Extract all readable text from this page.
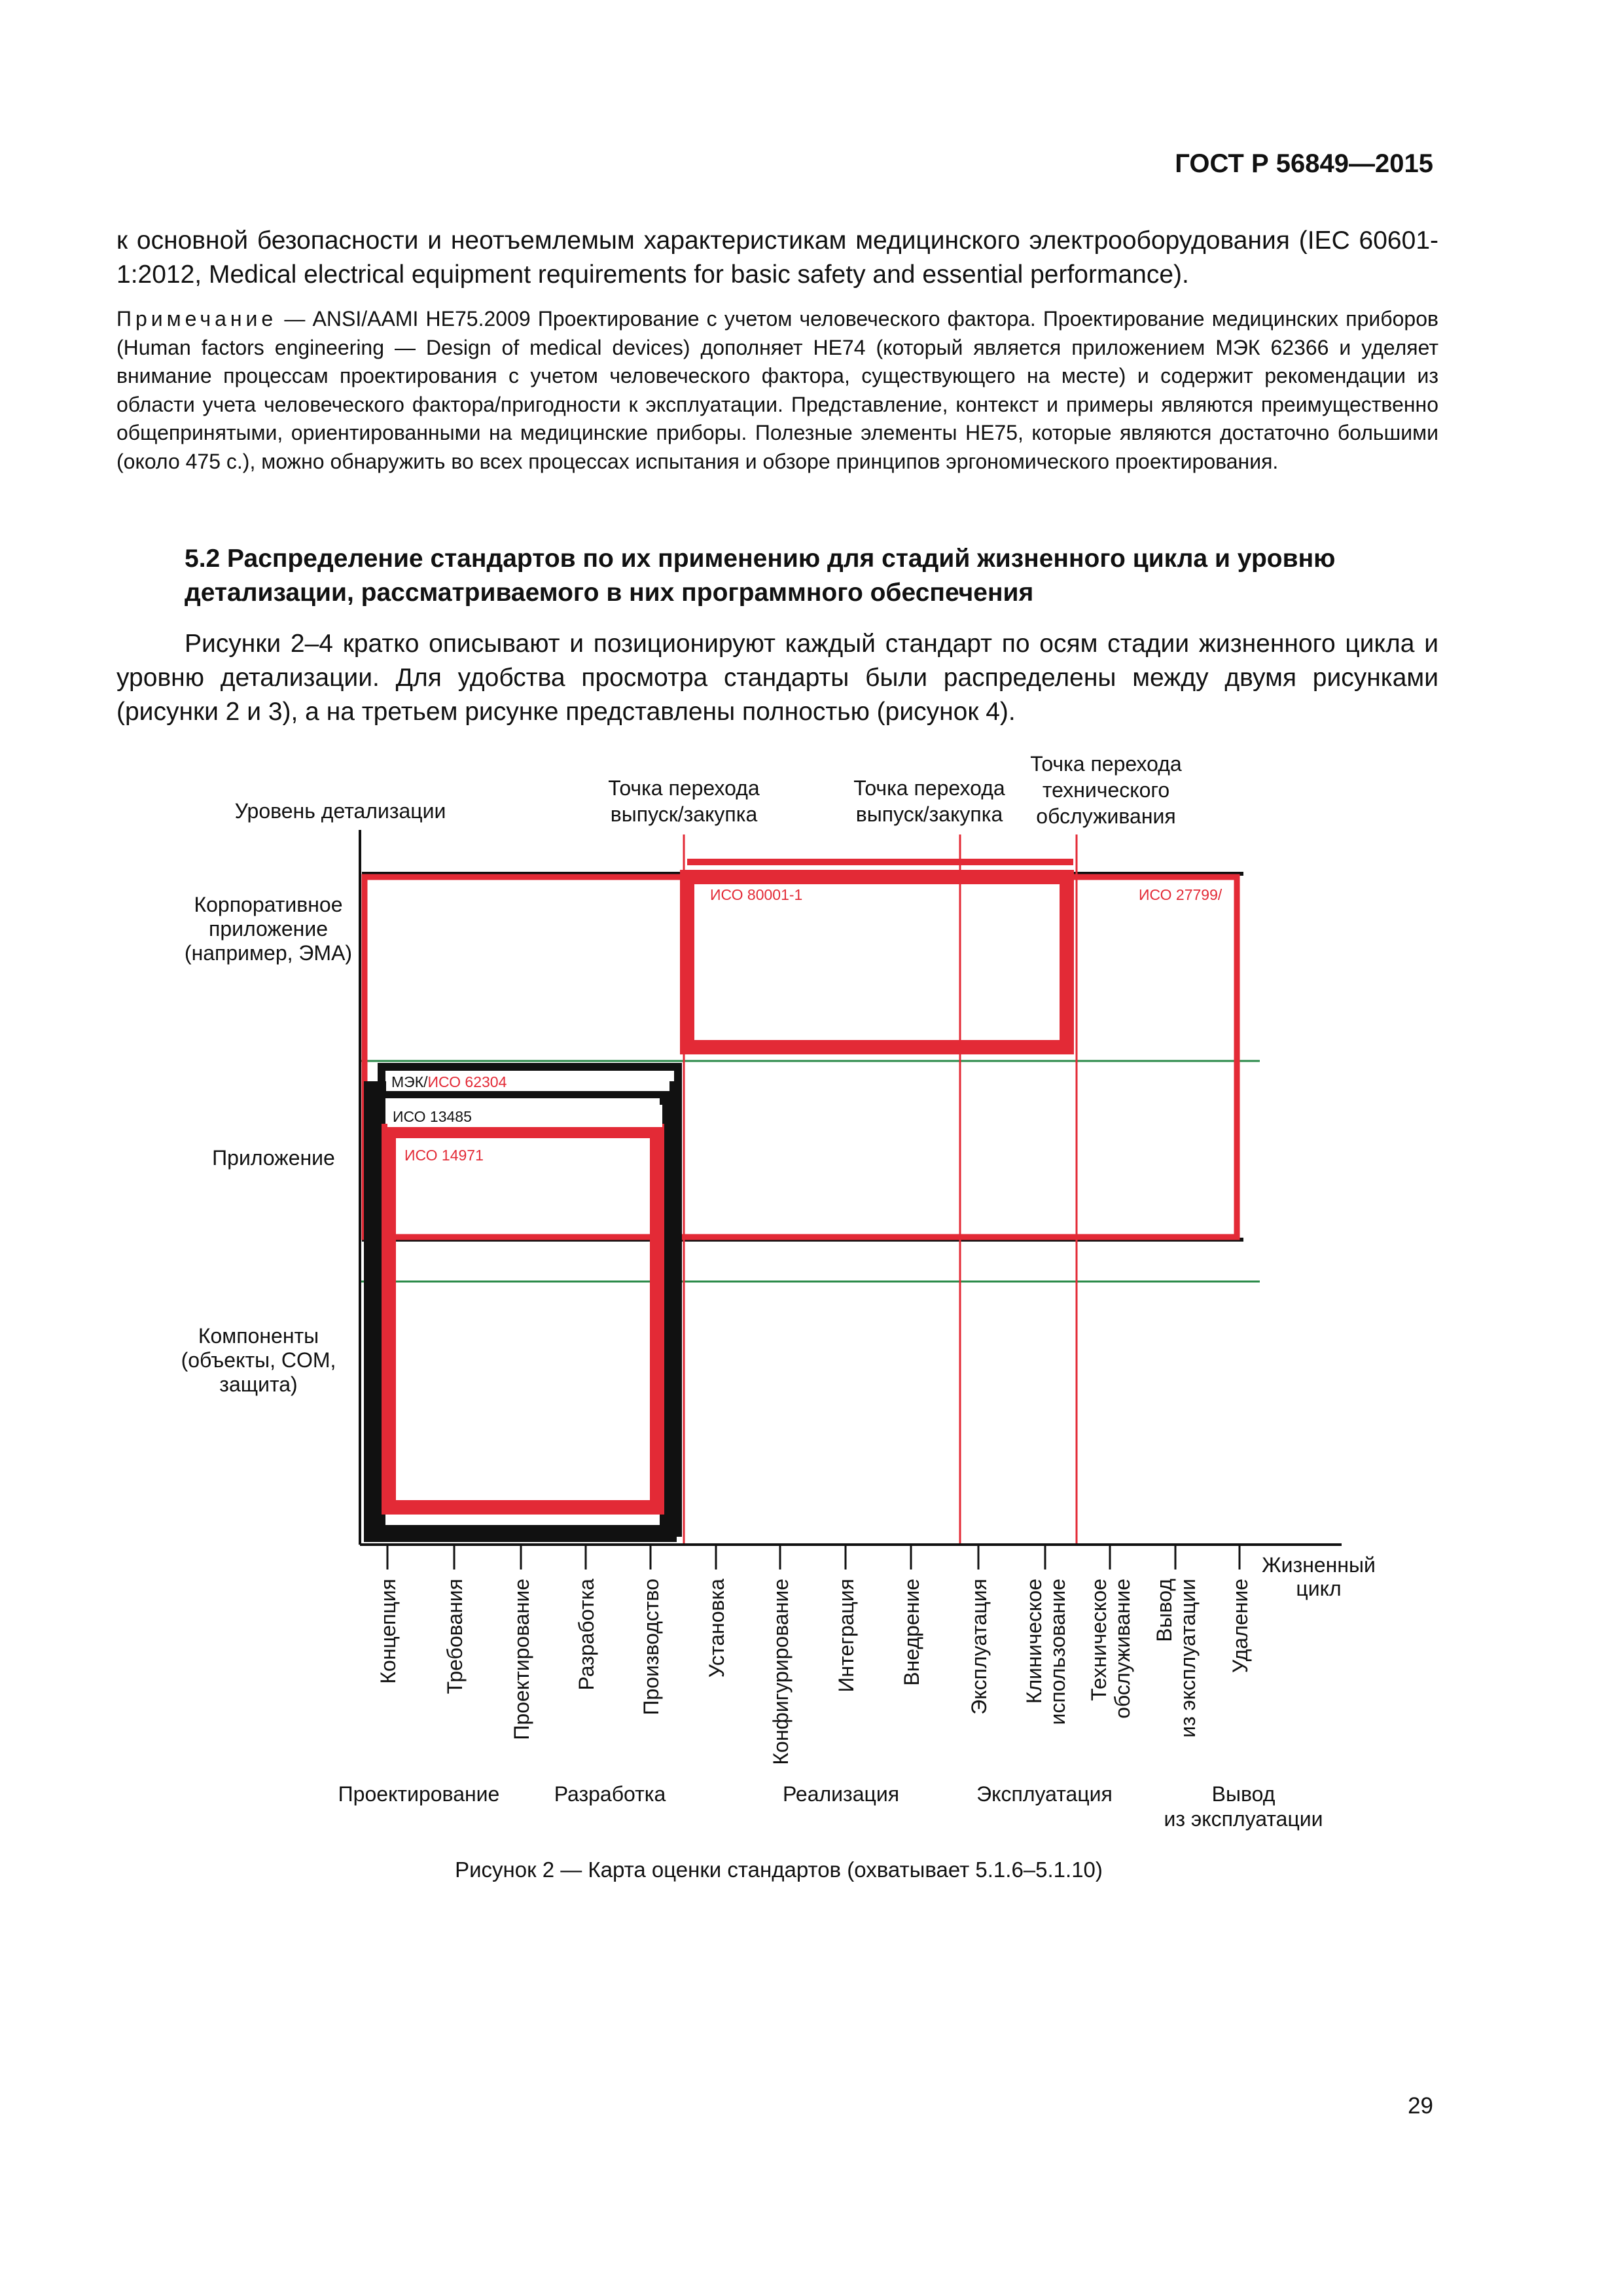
ГОСТ Р 56849—2015

к основной безопасности и неотъемлемым характеристикам медицинского электрооборудования (IEC 60601-1:2012, Medical electrical equipment requirements for basic safety and essential performance).

Примечание — ANSI/AAMI HE75.2009 Проектирование с учетом человеческого фактора. Проектирование медицинских приборов (Human factors engineering — Design of medical devices) дополняет HE74 (который является приложением МЭК 62366 и уделяет внимание процессам проектирования с учетом человеческого фактора, существующего на месте) и содержит рекомендации из области учета человеческого фактора/пригодности к эксплуатации. Представление, контекст и примеры являются преимущественно общепринятыми, ориентированными на медицинские приборы. Полезные элементы HE75, которые являются достаточно большими (около 475 с.), можно обнаружить во всех процессах испытания и обзоре принципов эргономического проектирования.

5.2 Распределение стандартов по их применению для стадий жизненного цикла и уровню детализации, рассматриваемого в них программного обеспечения

Рисунки 2–4 кратко описывают и позиционируют каждый стандарт по осям стадии жизненного цикла и уровню детализации. Для удобства просмотра стандарты были распределены между двумя рисунками (рисунки 2 и 3), а на третьем рисунке представлены полностью (рисунок 4).

Уровень детализации
Точка перехода выпуск/закупка
Точка перехода выпуск/закупка
Точка перехода технического обслуживания
Корпоративное приложение (например, ЭМА)
Приложение
Компоненты (объекты, COM, защита)
Жизненный цикл
ИСО 80001-1	ИСО 27799/
МЭК/ИСО 62304
ИСО 13485
ИСО 14971
Концепция Требования Проектирование Разработка Производство Установка Конфигурирование Интеграция Внедрение Эксплуатация Клиническоеиспользование Техническоеобслуживание Выводиз эксплуатации Удаление
Проектирование	Разработка	Реализация	Эксплуатация	Вывод из эксплуатации
Рисунок 2 — Карта оценки стандартов (охватывает 5.1.6–5.1.10)
29
